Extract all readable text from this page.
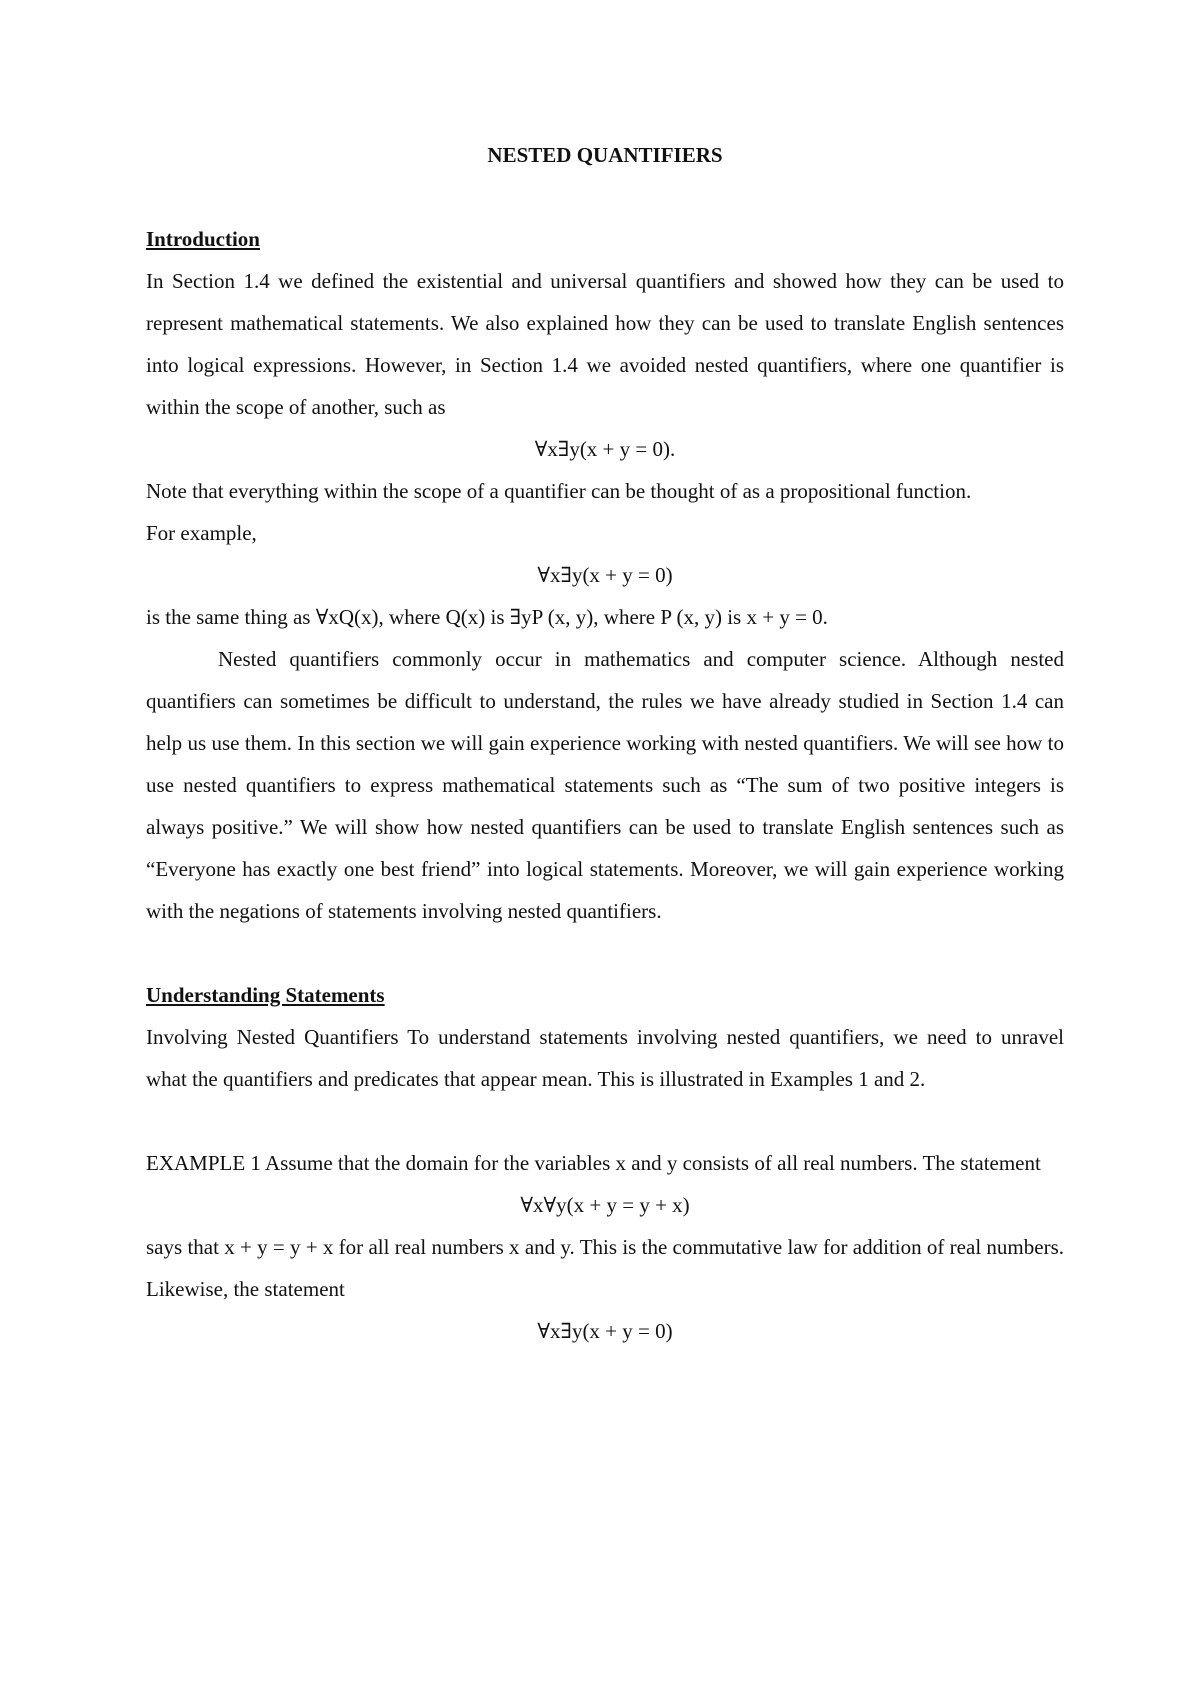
NESTED QUANTIFIERS
Introduction

In Section 1.4 we defined the existential and universal quantifiers and showed how they can be used to represent mathematical statements. We also explained how they can be used to translate English sentences into logical expressions. However, in Section 1.4 we avoided nested quantifiers, where one quantifier is within the scope of another, such as

∀x∃y(x + y = 0).

Note that everything within the scope of a quantifier can be thought of as a propositional function.

For example,

∀x∃y(x + y = 0)

is the same thing as ∀xQ(x), where Q(x) is ∃yP (x, y), where P (x, y) is x + y = 0.

Nested quantifiers commonly occur in mathematics and computer science. Although nested quantifiers can sometimes be difficult to understand, the rules we have already studied in Section 1.4 can help us use them. In this section we will gain experience working with nested quantifiers. We will see how to use nested quantifiers to express mathematical statements such as “The sum of two positive integers is always positive.” We will show how nested quantifiers can be used to translate English sentences such as “Everyone has exactly one best friend” into logical statements. Moreover, we will gain experience working with the negations of statements involving nested quantifiers.

Understanding Statements

Involving Nested Quantifiers To understand statements involving nested quantifiers, we need to unravel what the quantifiers and predicates that appear mean. This is illustrated in Examples 1 and 2.

EXAMPLE 1 Assume that the domain for the variables x and y consists of all real numbers. The statement

∀x∀y(x + y = y + x)

says that x + y = y + x for all real numbers x and y. This is the commutative law for addition of real numbers. Likewise, the statement

∀x∃y(x + y = 0)
